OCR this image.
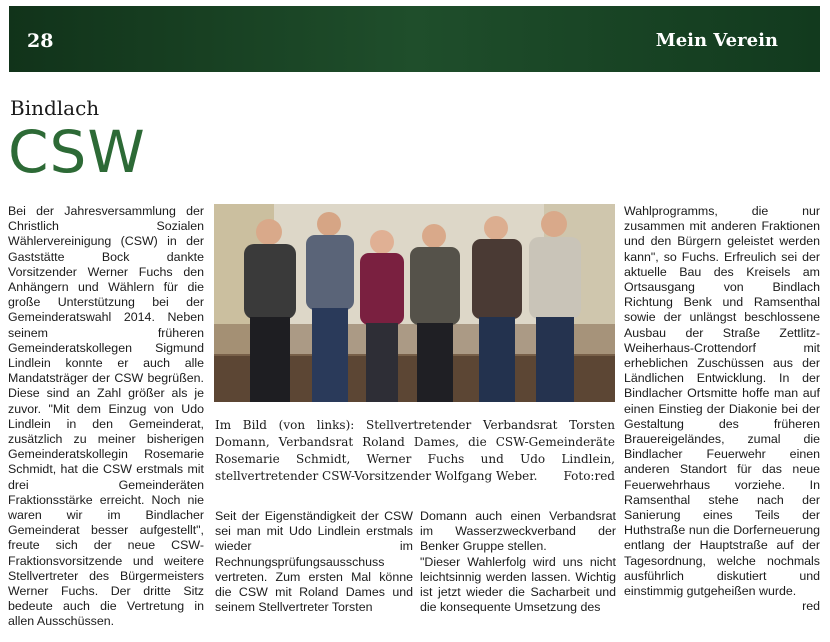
28	Mein Verein
Bindlach
CSW

Bei der Jahresversammlung der Christlich Sozialen Wählervereinigung (CSW) in der Gaststätte Bock dankte Vorsitzender Werner Fuchs den Anhängern und Wählern für die große Unterstützung bei der Gemeinderatswahl 2014. Neben seinem früheren Gemeinderatskollegen Sigmund Lindlein konnte er auch alle Mandatsträger der CSW begrüßen. Diese sind an Zahl größer als je zuvor. "Mit dem Einzug von Udo Lindlein in den Gemeinderat, zusätzlich zu meiner bisherigen Gemeinderatskollegin Rosemarie Schmidt, hat die CSW erstmals mit drei Gemeinderäten Fraktionsstärke erreicht. Noch nie waren wir im Bindlacher Gemeinderat besser aufgestellt", freute sich der neue CSW-Fraktionsvorsitzende und weitere Stellvertreter des Bürgermeisters Werner Fuchs. Der dritte Sitz bedeute auch die Vertretung in allen Ausschüssen.

Im Bild (von links): Stellvertretender Verbandsrat Torsten Domann, Verbandsrat Roland Dames, die CSW-Gemeinderäte Rosemarie Schmidt, Werner Fuchs und Udo Lindlein, stellvertretender CSW-Vorsitzender Wolfgang Weber. Foto:red

Seit der Eigenständigkeit der CSW sei man mit Udo Lindlein erstmals wieder im Rechnungsprüfungsausschuss vertreten. Zum ersten Mal könne die CSW mit Roland Dames und seinem Stellvertreter Torsten

Domann auch einen Verbandsrat im Wasserzweckverband der Benker Gruppe stellen.

"Dieser Wahlerfolg wird uns nicht leichtsinnig werden lassen. Wichtig ist jetzt wieder die Sacharbeit und die konsequente Umsetzung des

Wahlprogramms, die nur zusammen mit anderen Fraktionen und den Bürgern geleistet werden kann", so Fuchs. Erfreulich sei der aktuelle Bau des Kreisels am Ortsausgang von Bindlach Richtung Benk und Ramsenthal sowie der unlängst beschlossene Ausbau der Straße Zettlitz-Weiherhaus-Crottendorf mit erheblichen Zuschüssen aus der Ländlichen Entwicklung. In der Bindlacher Ortsmitte hoffe man auf einen Einstieg der Diakonie bei der Gestaltung des früheren Brauereigeländes, zumal die Bindlacher Feuerwehr einen anderen Standort für das neue Feuerwehrhaus vorziehe. In Ramsenthal stehe nach der Sanierung eines Teils der Huthstraße nun die Dorferneuerung entlang der Hauptstraße auf der Tagesordnung, welche nochmals ausführlich diskutiert und einstimmig gutgeheißen wurde.

red
